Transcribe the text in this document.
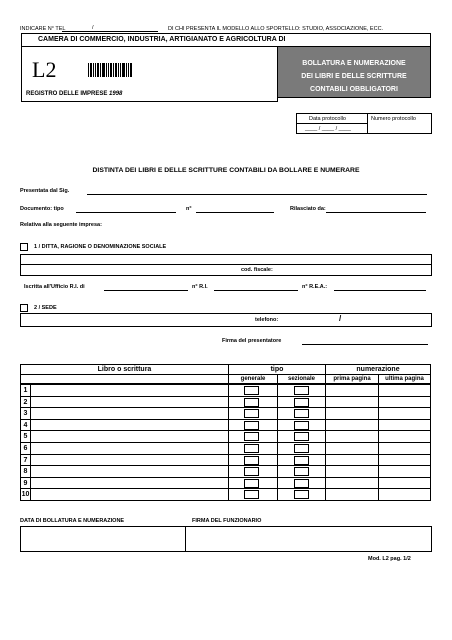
INDICARE N° TEL	/	DI CHI PRESENTA IL MODELLO ALLO SPORTELLO: STUDIO, ASSOCIAZIONE, ECC.
CAMERA DI COMMERCIO, INDUSTRIA, ARTIGIANATO E AGRICOLTURA DI
L2
REGISTRO DELLE IMPRESE 1998
BOLLATURA E NUMERAZIONE
DEI LIBRI E DELLE SCRITTURE
CONTABILI OBBLIGATORI
Data protocollo	Numero protocollo
____ / ____ / ____
DISTINTA DEI LIBRI E DELLE SCRITTURE CONTABILI DA BOLLARE E NUMERARE
Presentata dal Sig.
Documento: tipo	n°	Rilasciato da:
Relativa alla seguente impresa:
1 / DITTA, RAGIONE O DENOMINAZIONE SOCIALE
cod. fiscale:
Iscritta all'Ufficio R.I. di	n° R.I.	n° R.E.A.:
2 / SEDE
telefono:	/
Firma del presentatore
Libro o scrittura	tipo	numerazione
generale	sezionale	prima pagina	ultima pagina
1
2
3
4
5
6
7
8
9
10
DATA DI BOLLATURA E NUMERAZIONE	FIRMA DEL FUNZIONARIO
Mod. L2 pag. 1/2
